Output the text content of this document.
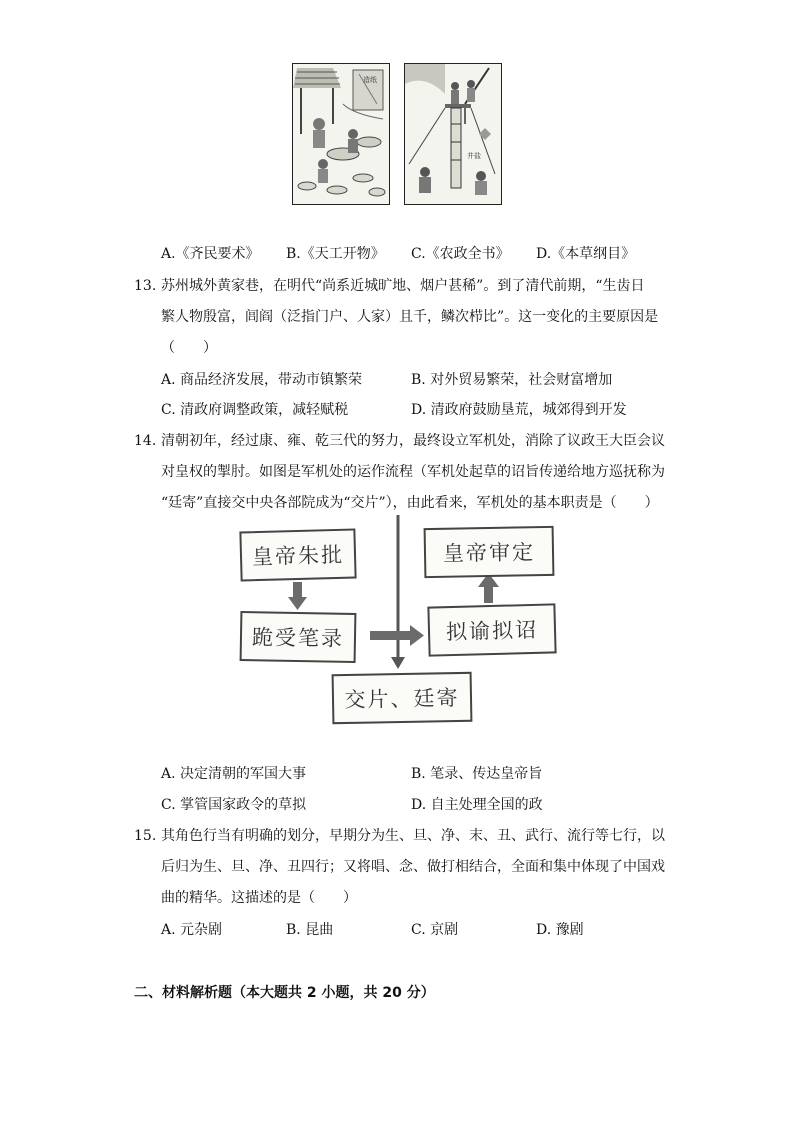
造纸
井盐
A.《齐民要术》 B.《天工开物》 C.《农政全书》 D.《本草纲目》
13. 苏州城外黄家巷，在明代“尚系近城旷地、烟户甚稀”。到了清代前期，“生齿日
繁人物殷富，闾阎（泛指门户、人家）且千，鳞次栉比”。这一变化的主要原因是
（　　）
A. 商品经济发展，带动市镇繁荣	B. 对外贸易繁荣，社会财富增加
C. 清政府调整政策，减轻赋税	D. 清政府鼓励垦荒，城郊得到开发
14. 清朝初年，经过康、雍、乾三代的努力，最终设立军机处，消除了议政王大臣会议
对皇权的掣肘。如图是军机处的运作流程（军机处起草的诏旨传递给地方巡抚称为
“廷寄”直接交中央各部院成为“交片”），由此看来，军机处的基本职责是（　　）
皇帝朱批
跪受笔录
皇帝审定
拟谕拟诏
交片、廷寄
A. 决定清朝的军国大事	B. 笔录、传达皇帝旨
C. 掌管国家政令的草拟	D. 自主处理全国的政
15. 其角色行当有明确的划分，早期分为生、旦、净、末、丑、武行、流行等七行，以
后归为生、旦、净、丑四行；又将唱、念、做打相结合，全面和集中体现了中国戏
曲的精华。这描述的是（　　）
A. 元杂剧	B. 昆曲	C. 京剧	D. 豫剧
二、材料解析题（本大题共 2 小题，共 20 分）
